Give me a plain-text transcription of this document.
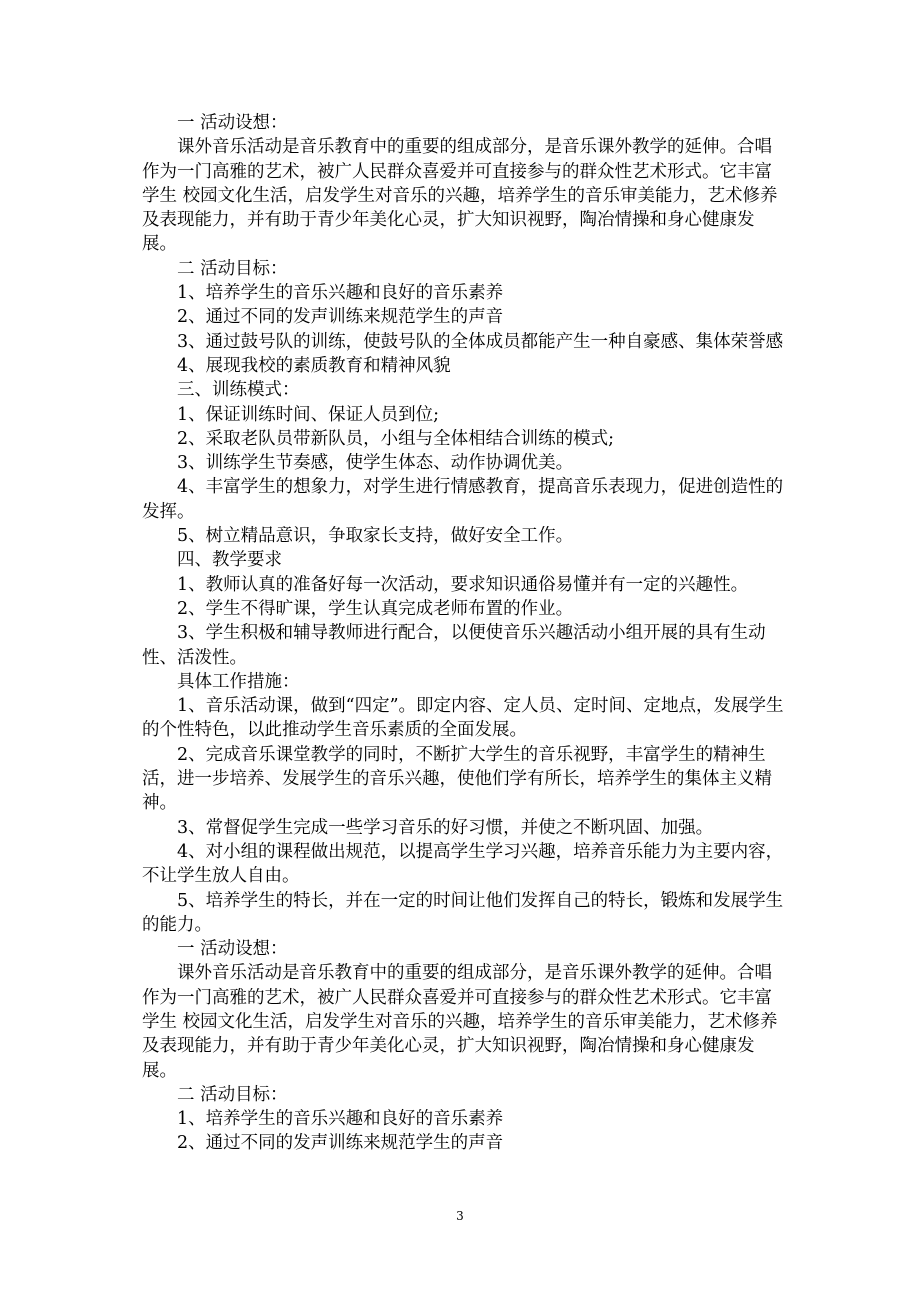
一 活动设想：

课外音乐活动是音乐教育中的重要的组成部分，是音乐课外教学的延伸。合唱作为一门高雅的艺术，被广人民群众喜爱并可直接参与的群众性艺术形式。它丰富学生 校园文化生活，启发学生对音乐的兴趣，培养学生的音乐审美能力，艺术修养及表现能力，并有助于青少年美化心灵，扩大知识视野，陶冶情操和身心健康发展。

二 活动目标：

1、培养学生的音乐兴趣和良好的音乐素养

2、通过不同的发声训练来规范学生的声音

3、通过鼓号队的训练，使鼓号队的全体成员都能产生一种自豪感、集体荣誉感

4、展现我校的素质教育和精神风貌

三、训练模式：

1、保证训练时间、保证人员到位;

2、采取老队员带新队员，小组与全体相结合训练的模式;

3、训练学生节奏感，使学生体态、动作协调优美。

4、丰富学生的想象力，对学生进行情感教育，提高音乐表现力，促进创造性的发挥。

5、树立精品意识，争取家长支持，做好安全工作。

四、教学要求

1、教师认真的准备好每一次活动，要求知识通俗易懂并有一定的兴趣性。

2、学生不得旷课，学生认真完成老师布置的作业。

3、学生积极和辅导教师进行配合，以便使音乐兴趣活动小组开展的具有生动性、活泼性。

具体工作措施：

1、音乐活动课，做到“四定”。即定内容、定人员、定时间、定地点，发展学生的个性特色，以此推动学生音乐素质的全面发展。

2、完成音乐课堂教学的同时，不断扩大学生的音乐视野，丰富学生的精神生活，进一步培养、发展学生的音乐兴趣，使他们学有所长，培养学生的集体主义精神。

3、常督促学生完成一些学习音乐的好习惯，并使之不断巩固、加强。

4、对小组的课程做出规范，以提高学生学习兴趣，培养音乐能力为主要内容，不让学生放人自由。

5、培养学生的特长，并在一定的时间让他们发挥自己的特长，锻炼和发展学生的能力。

一 活动设想：

课外音乐活动是音乐教育中的重要的组成部分，是音乐课外教学的延伸。合唱作为一门高雅的艺术，被广人民群众喜爱并可直接参与的群众性艺术形式。它丰富学生 校园文化生活，启发学生对音乐的兴趣，培养学生的音乐审美能力，艺术修养及表现能力，并有助于青少年美化心灵，扩大知识视野，陶冶情操和身心健康发展。

二 活动目标：

1、培养学生的音乐兴趣和良好的音乐素养

2、通过不同的发声训练来规范学生的声音

3
